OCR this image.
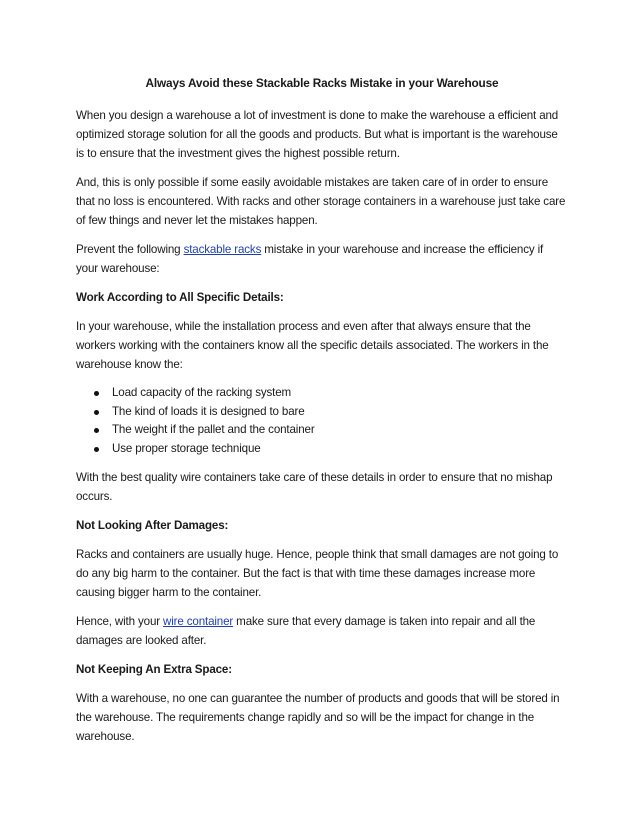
Always Avoid these Stackable Racks Mistake in your Warehouse

When you design a warehouse a lot of investment is done to make the warehouse a efficient and optimized storage solution for all the goods and products. But what is important is the warehouse is to ensure that the investment gives the highest possible return.

And, this is only possible if some easily avoidable mistakes are taken care of in order to ensure that no loss is encountered. With racks and other storage containers in a warehouse just take care of few things and never let the mistakes happen.

Prevent the following stackable racks mistake in your warehouse and increase the efficiency if your warehouse:

Work According to All Specific Details:

In your warehouse, while the installation process and even after that always ensure that the workers working with the containers know all the specific details associated. The workers in the warehouse know the:

Load capacity of the racking system
The kind of loads it is designed to bare
The weight if the pallet and the container
Use proper storage technique

With the best quality wire containers take care of these details in order to ensure that no mishap occurs.

Not Looking After Damages:

Racks and containers are usually huge. Hence, people think that small damages are not going to do any big harm to the container. But the fact is that with time these damages increase more causing bigger harm to the container.

Hence, with your wire container make sure that every damage is taken into repair and all the damages are looked after.

Not Keeping An Extra Space:

With a warehouse, no one can guarantee the number of products and goods that will be stored in the warehouse. The requirements change rapidly and so will be the impact for change in the warehouse.
